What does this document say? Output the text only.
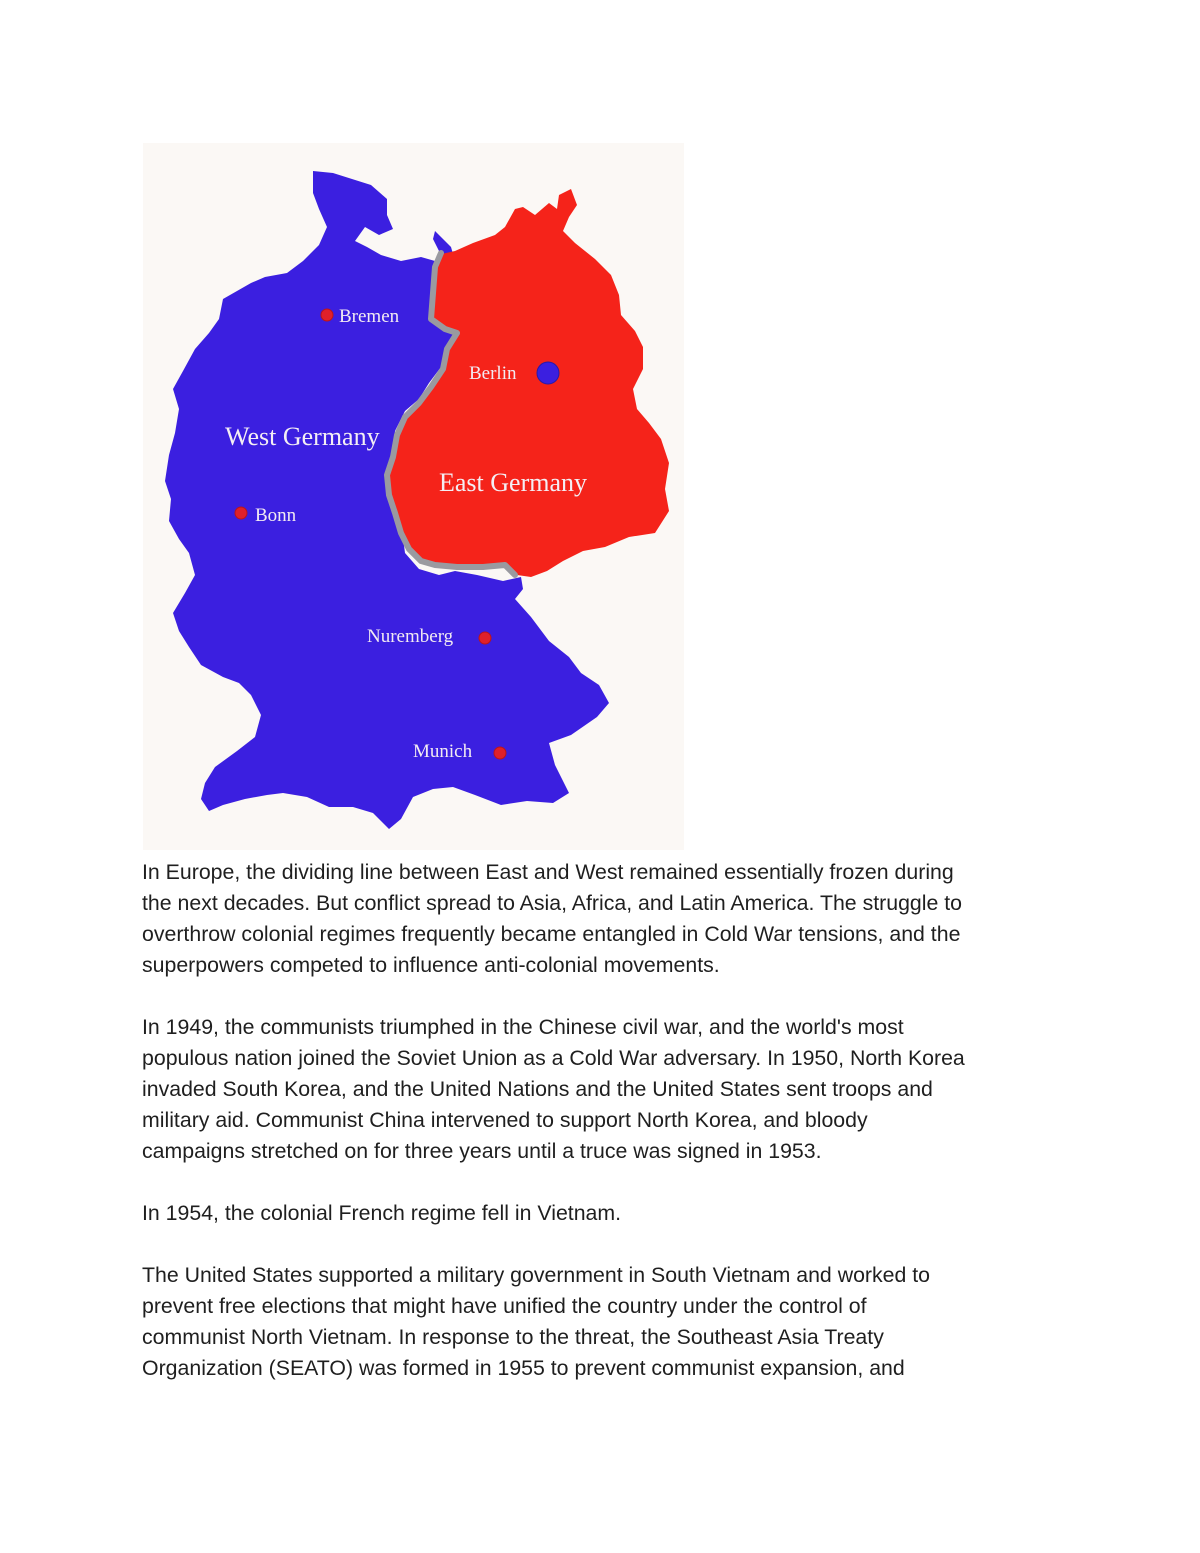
Bremen
Berlin
West Germany
East Germany
Bonn
Nuremberg
Munich

In Europe, the dividing line between East and West remained essentially frozen during
the next decades. But conflict spread to Asia, Africa, and Latin America. The struggle to
overthrow colonial regimes frequently became entangled in Cold War tensions, and the
superpowers competed to influence anti-colonial movements.

In 1949, the communists triumphed in the Chinese civil war, and the world's most
populous nation joined the Soviet Union as a Cold War adversary. In 1950, North Korea
invaded South Korea, and the United Nations and the United States sent troops and
military aid. Communist China intervened to support North Korea, and bloody
campaigns stretched on for three years until a truce was signed in 1953.

In 1954, the colonial French regime fell in Vietnam.

The United States supported a military government in South Vietnam and worked to
prevent free elections that might have unified the country under the control of
communist North Vietnam. In response to the threat, the Southeast Asia Treaty
Organization (SEATO) was formed in 1955 to prevent communist expansion, and
